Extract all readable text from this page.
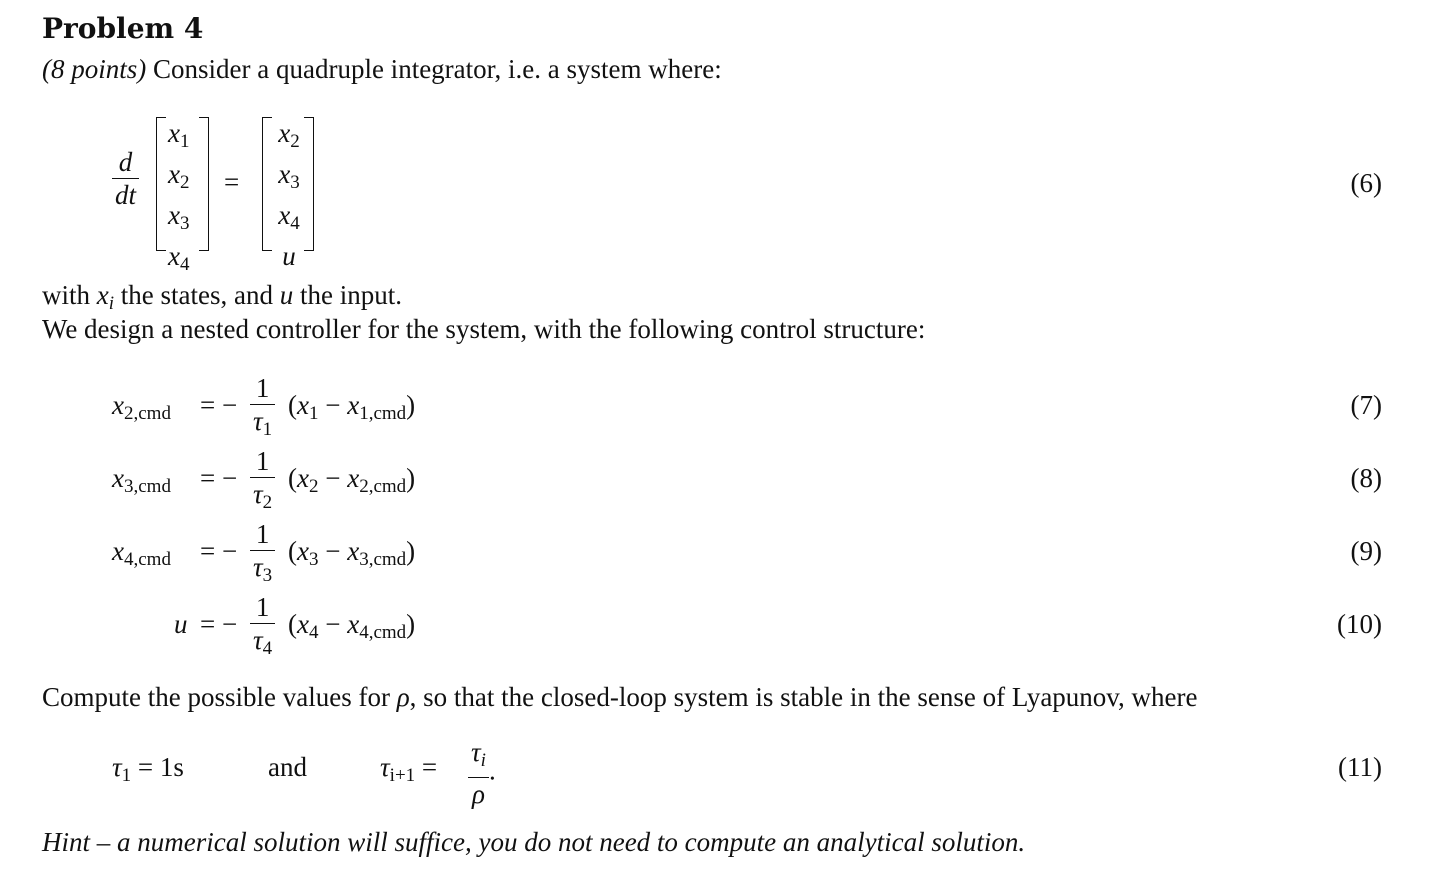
Problem 4
(8 points) Consider a quadruple integrator, i.e. a system where:
$\frac{d}{dt}$
$x_1$
$x_2$
$x_3$
$x_4$
=
$x_2$
$x_3$
$x_4$
u
(6)
with xi the states, and u the input.
We design a nested controller for the system, with the following control structure:
$x_{2,cmd}$ = − $\frac{1}{\tau_1} (x_1 - x_{1,cmd})$	(7)
$x_{3,cmd}$ = − $\frac{1}{\tau_2} (x_2 - x_{2,cmd})$	(8)
$x_{4,cmd}$ = − $\frac{1}{\tau_3} (x_3 - x_{3,cmd})$	(9)
u = − $\frac{1}{\tau_4} (x_4 - x_{4,cmd})$	(10)
Compute the possible values for ρ, so that the closed-loop system is stable in the sense of Lyapunov, where
$\tau_1 = 1s$	and	$\tau_{i+1} = \frac{\tau i}{\rho}$ .	(11)
Hint – a numerical solution will suffice, you do not need to compute an analytical solution.
